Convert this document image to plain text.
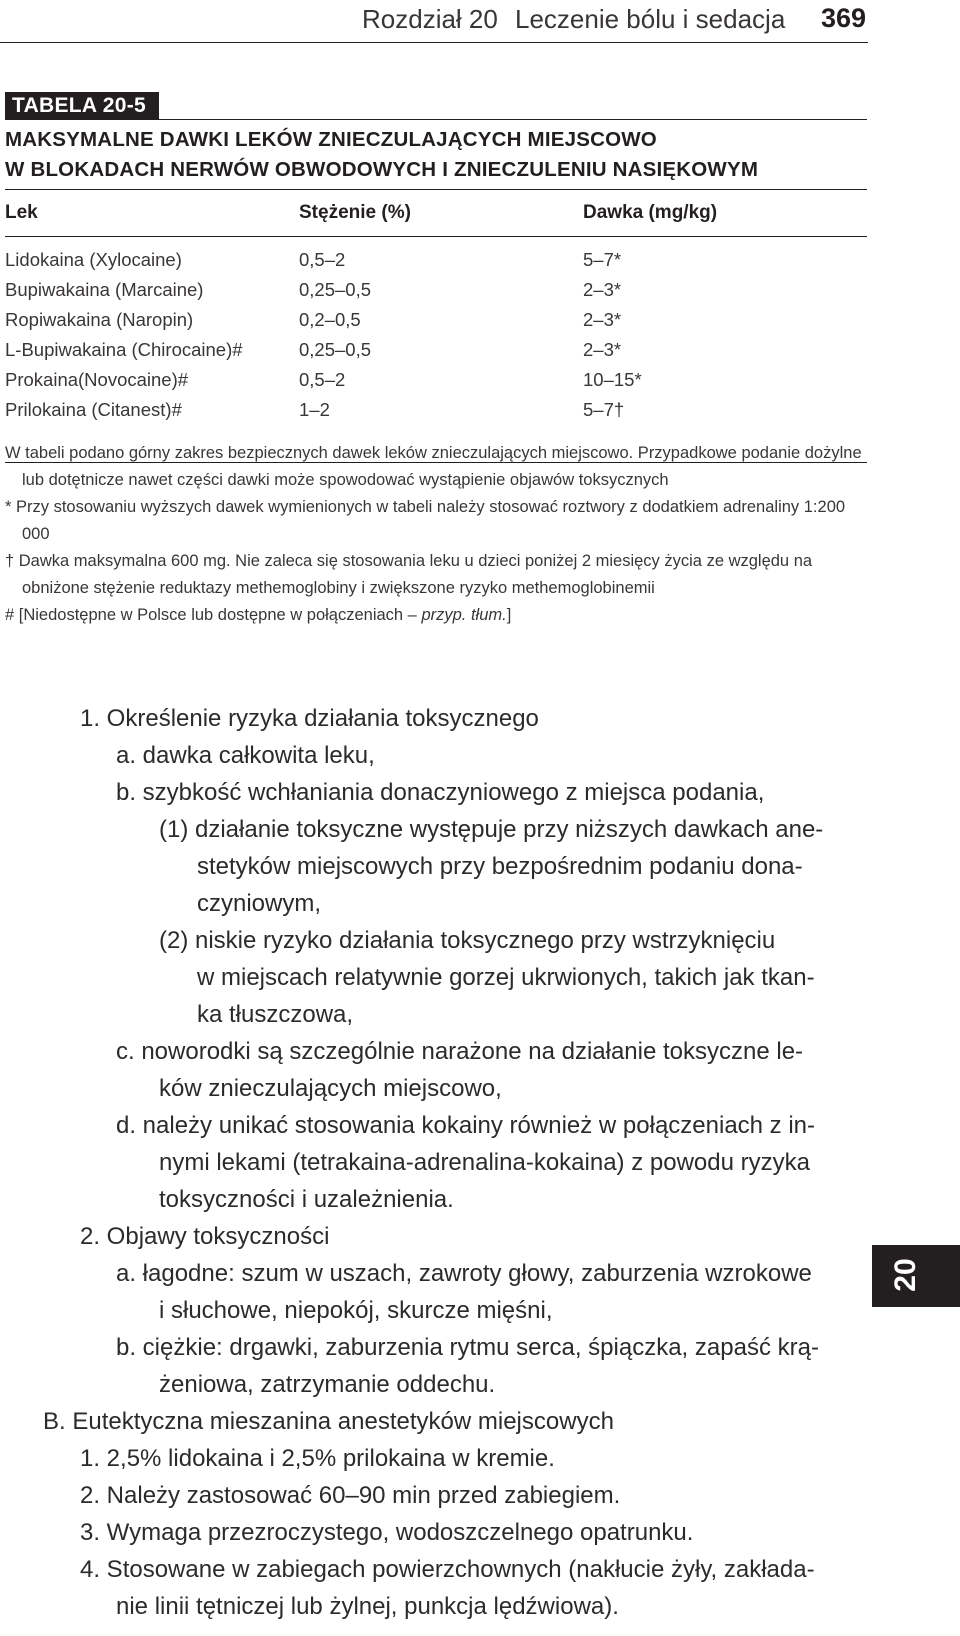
Rozdział 20 Leczenie bólu i sedacja 369
TABELA 20-5
MAKSYMALNE DAWKI LEKÓW ZNIECZULAJĄCYCH MIEJSCOWO
W BLOKADACH NERWÓW OBWODOWYCH I ZNIECZULENIU NASIĘKOWYM
Lek	Stężenie (%)	Dawka (mg/kg)
Lidokaina (Xylocaine)	0,5–2	5–7*
Bupiwakaina (Marcaine)	0,25–0,5	2–3*
Ropiwakaina (Naropin)	0,2–0,5	2–3*
L-Bupiwakaina (Chirocaine)#	0,25–0,5	2–3*
Prokaina(Novocaine)#	0,5–2	10–15*
Prilokaina (Citanest)#	1–2	5–7†

W tabeli podano górny zakres bezpiecznych dawek leków znieczulających miejscowo. Przypadkowe podanie dożylne lub dotętnicze nawet części dawki może spowodować wystąpienie objawów toksycznych

* Przy stosowaniu wyższych dawek wymienionych w tabeli należy stosować roztwory z dodatkiem adrenaliny 1:200 000

† Dawka maksymalna 600 mg. Nie zaleca się stosowania leku u dzieci poniżej 2 miesięcy życia ze względu na obniżone stężenie reduktazy methemoglobiny i zwiększone ryzyko methemoglobinemii

# [Niedostępne w Polsce lub dostępne w połączeniach – przyp. tłum.]

1. Określenie ryzyka działania toksycznego
a. dawka całkowita leku,
b. szybkość wchłaniania donaczyniowego z miejsca podania,
(1) działanie toksyczne występuje przy niższych dawkach ane-
stetyków miejscowych przy bezpośrednim podaniu dona-
czyniowym,
(2) niskie ryzyko działania toksycznego przy wstrzyknięciu
w miejscach relatywnie gorzej ukrwionych, takich jak tkan-
ka tłuszczowa,
c. noworodki są szczególnie narażone na działanie toksyczne le-
ków znieczulających miejscowo,
d. należy unikać stosowania kokainy również w połączeniach z in-
nymi lekami (tetrakaina-adrenalina-kokaina) z powodu ryzyka
toksyczności i uzależnienia.
2. Objawy toksyczności
a. łagodne: szum w uszach, zawroty głowy, zaburzenia wzrokowe
i słuchowe, niepokój, skurcze mięśni,
b. ciężkie: drgawki, zaburzenia rytmu serca, śpiączka, zapaść krą-
żeniowa, zatrzymanie oddechu.
B. Eutektyczna mieszanina anestetyków miejscowych
1. 2,5% lidokaina i 2,5% prilokaina w kremie.
2. Należy zastosować 60–90 min przed zabiegiem.
3. Wymaga przezroczystego, wodoszczelnego opatrunku.
4. Stosowane w zabiegach powierzchownych (nakłucie żyły, zakłada-
nie linii tętniczej lub żylnej, punkcja lędźwiowa).
20
